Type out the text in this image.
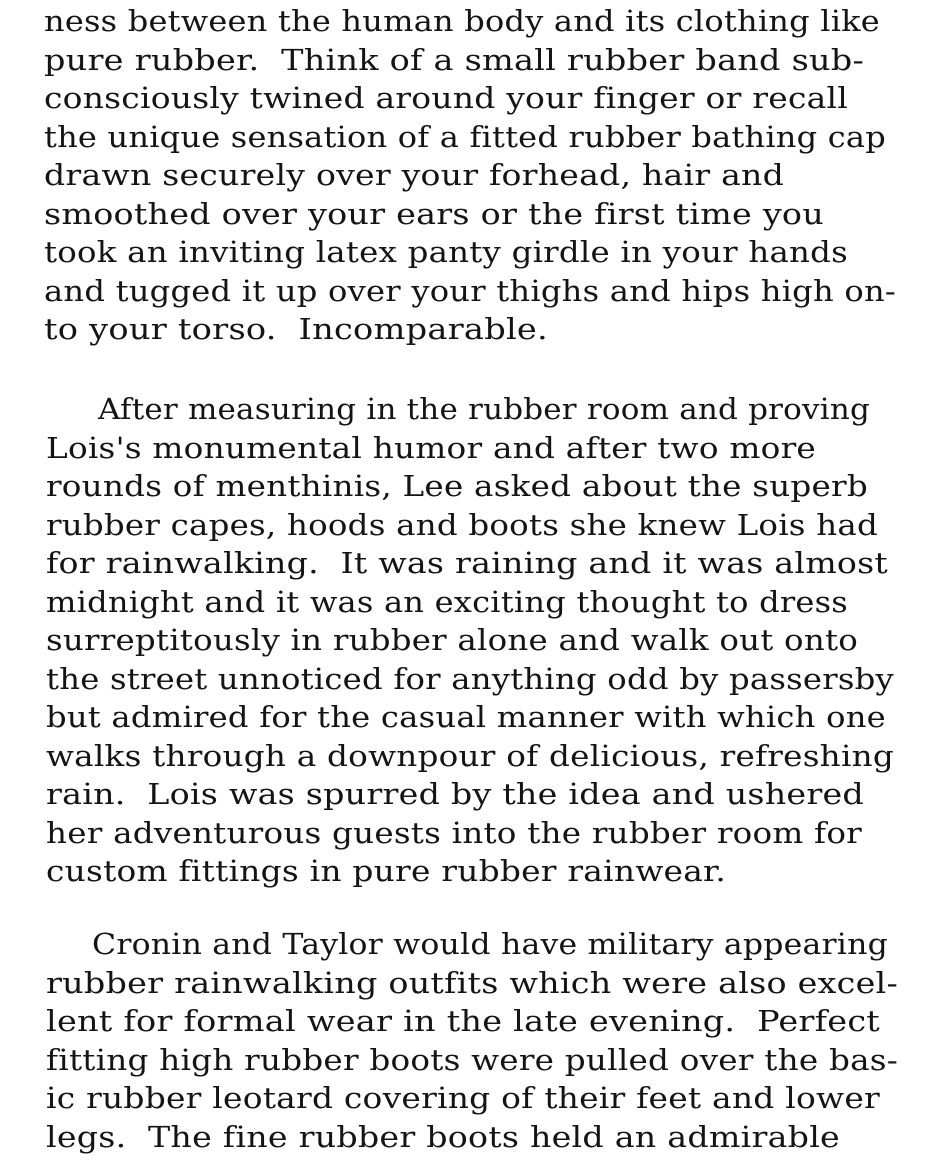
ness between the human body and its clothing like
pure rubber.  Think of a small rubber band sub-
consciously twined around your finger or recall
the unique sensation of a fitted rubber bathing cap
drawn securely over your forhead, hair and
smoothed over your ears or the first time you
took an inviting latex panty girdle in your hands
and tugged it up over your thighs and hips high on-
to your torso.  Incomparable.
After measuring in the rubber room and proving
Lois's monumental humor and after two more
rounds of menthinis, Lee asked about the superb
rubber capes, hoods and boots she knew Lois had
for rainwalking.  It was raining and it was almost
midnight and it was an exciting thought to dress
surreptitously in rubber alone and walk out onto
the street unnoticed for anything odd by passersby
but admired for the casual manner with which one
walks through a downpour of delicious, refreshing
rain.  Lois was spurred by the idea and ushered
her adventurous guests into the rubber room for
custom fittings in pure rubber rainwear.
Cronin and Taylor would have military appearing
rubber rainwalking outfits which were also excel-
lent for formal wear in the late evening.  Perfect
fitting high rubber boots were pulled over the bas-
ic rubber leotard covering of their feet and lower
legs.  The fine rubber boots held an admirable
